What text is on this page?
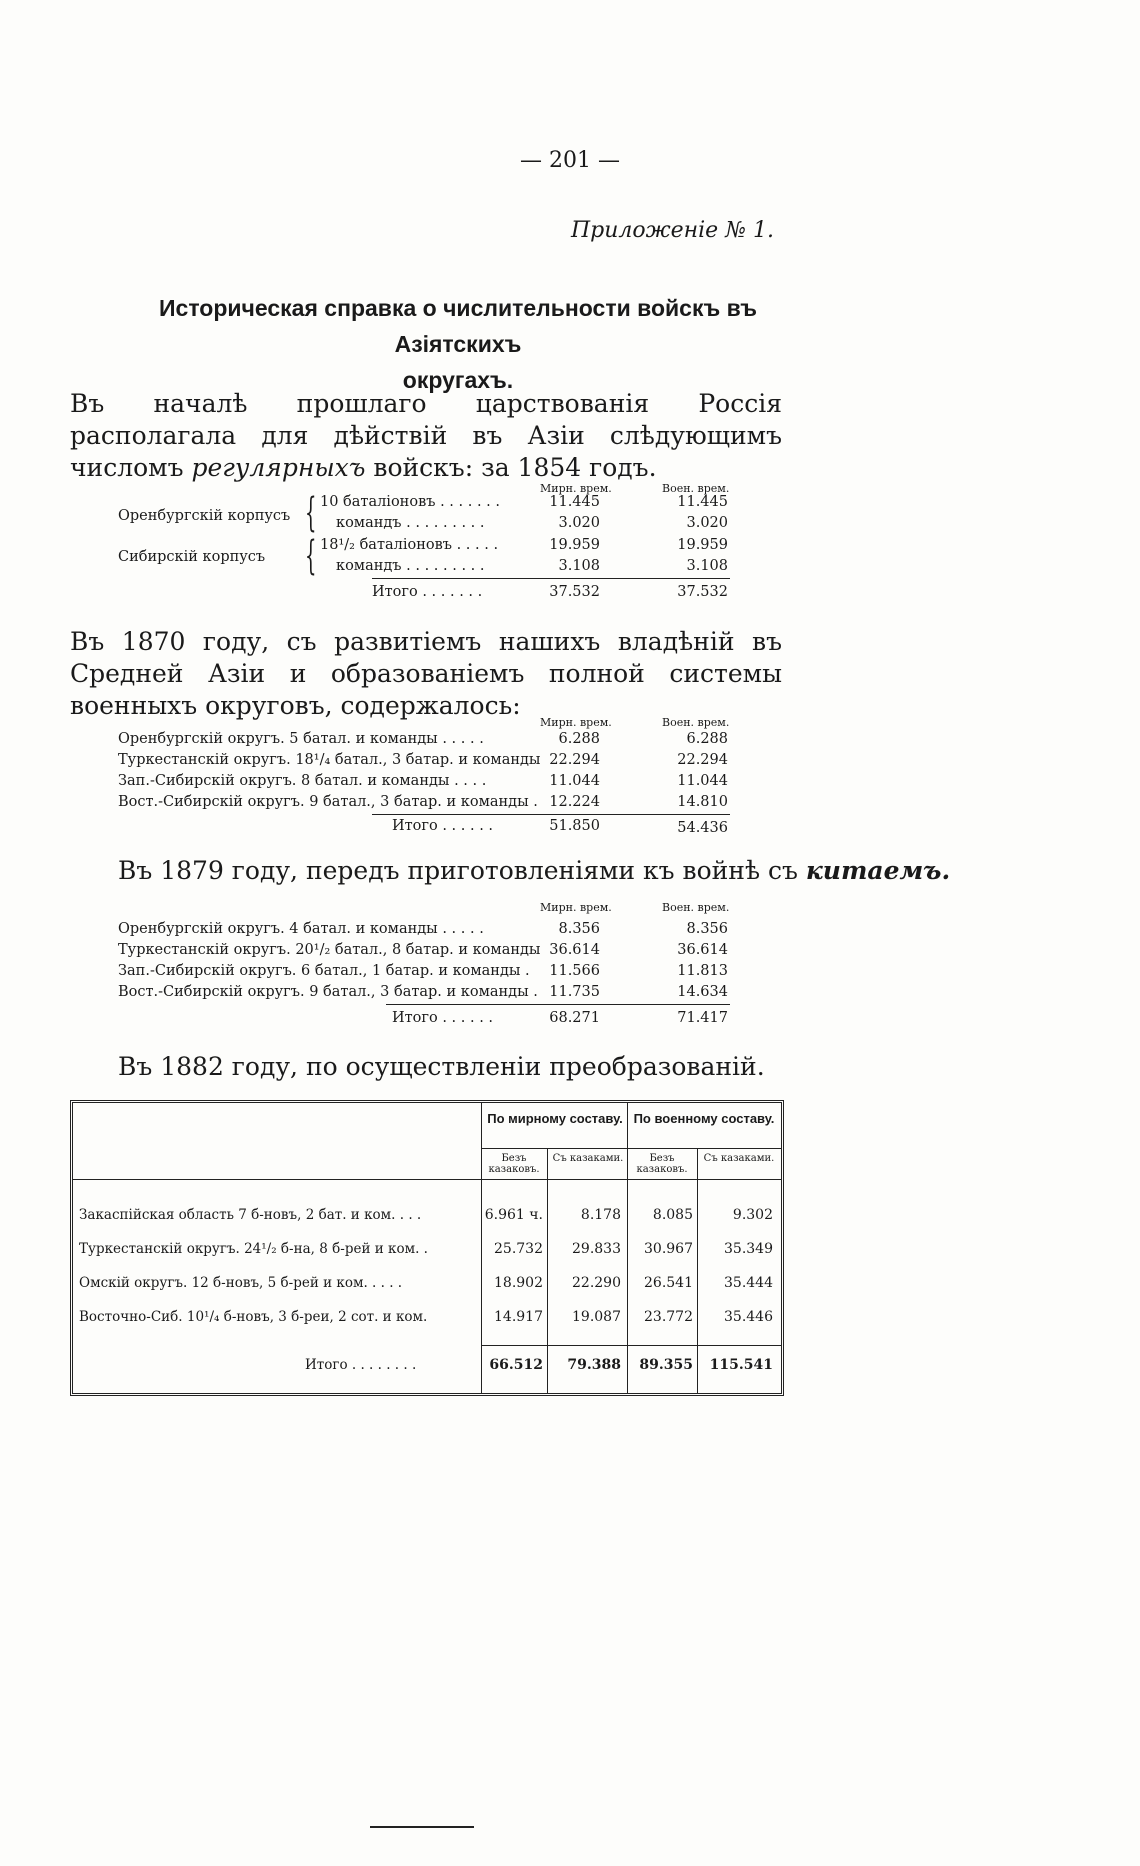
— 201 —
Приложеніе № 1.
Историческая справка о числительности войскъ въ Азіятскихъ
округахъ.
Въ началѣ прошлаго царствованія Россія располагала для дѣйствій въ Азіи слѣдующимъ числомъ регулярныхъ войскъ: за 1854 годъ.
Мирн. врем.	Воен. врем.
Оренбургскій корпусъ { 10 баталіоновъ . . . . . . .	11.445	11.445
командъ . . . . . . . . .	3.020	3.020
Сибирскій корпусъ { 18¹/₂ баталіоновъ . . . . .	19.959	19.959
командъ . . . . . . . . .	3.108	3.108
Итого . . . . . . .	37.532	37.532
Въ 1870 году, съ развитіемъ нашихъ владѣній въ Средней Азіи и образованіемъ полной системы военныхъ округовъ, содержалось:
Мирн. врем.	Воен. врем.
Оренбургскій округъ. 5 батал. и команды . . . . .	6.288	6.288
Туркестанскій округъ. 18¹/₄ батал., 3 батар. и команды 22.294	22.294
Зап.-Сибирскій округъ. 8 батал. и команды . . . .	11.044	11.044
Вост.-Сибирскій округъ. 9 батал., 3 батар. и команды . 12.224	14.810
Итого . . . . . .	51.850	54.436
Въ 1879 году, передъ приготовленіями къ войнѣ съ китаемъ.
Мирн. врем.	Воен. врем.
Оренбургскій округъ. 4 батал. и команды . . . . .	8.356	8.356
Туркестанскій округъ. 20¹/₂ батал., 8 батар. и команды 36.614	36.614
Зап.-Сибирскій округъ. 6 батал., 1 батар. и команды .	11.566	11.813
Вост.-Сибирскій округъ. 9 батал., 3 батар. и команды . 11.735	14.634
Итого . . . . . .	68.271	71.417
Въ 1882 году, по осуществленіи преобразованій.
По мирному составу. По военному составу.
Безъ казаковъ.
Съ казаками.	Безъ казаковъ.
Съ казаками.
Закаспійская область 7 б-новъ, 2 бат. и ком. . . .	6.961 ч.	8.178	8.085	9.302
Туркестанскій округъ. 24¹/₂ б-на, 8 б-рей и ком. .	25.732	29.833	30.967	35.349
Омскій округъ. 12 б-новъ, 5 б-рей и ком. . . . .	18.902	22.290	26.541	35.444
Восточно-Сиб. 10¹/₄ б-новъ, 3 б-реи, 2 сот. и ком.	14.917	19.087	23.772	35.446
Итого . . . . . . . .	66.512	79.388	89.355 115.541
